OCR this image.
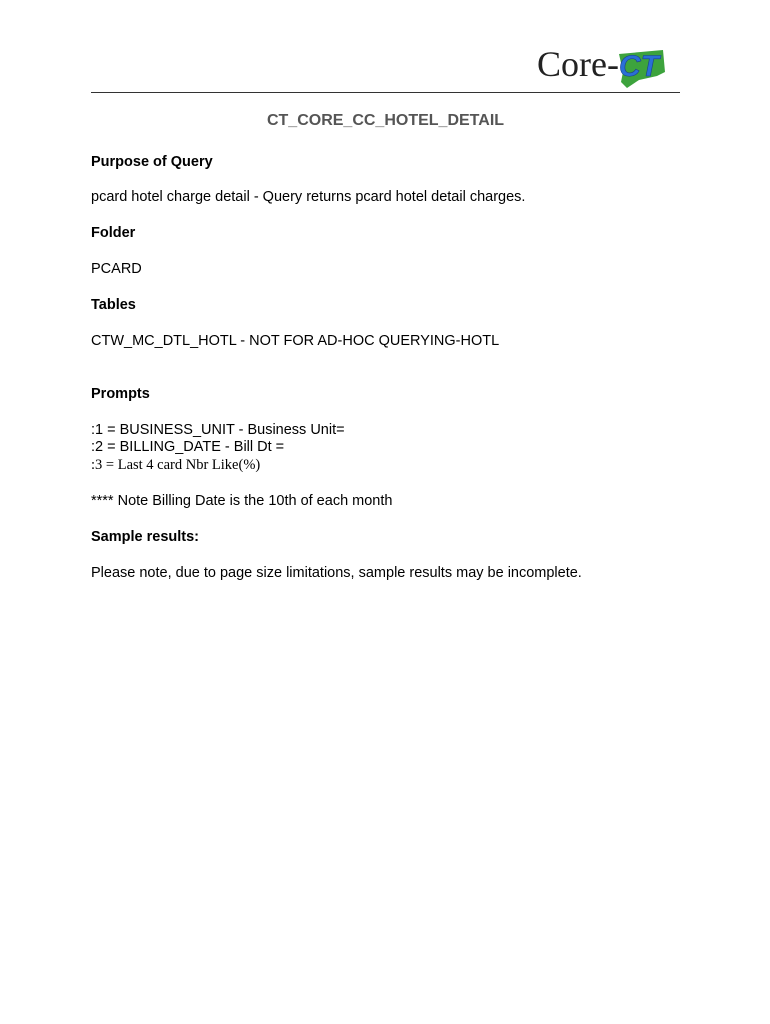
Core- CT
CT_CORE_CC_HOTEL_DETAIL
Purpose of Query
pcard hotel charge detail - Query returns pcard hotel detail charges.
Folder
PCARD
Tables
CTW_MC_DTL_HOTL - NOT FOR AD-HOC QUERYING-HOTL
Prompts
:1 = BUSINESS_UNIT - Business Unit=
:2 = BILLING_DATE - Bill Dt =
:3 = Last 4 card Nbr Like(%)
**** Note Billing Date is the 10th of each month
Sample results:
Please note, due to page size limitations, sample results may be incomplete.
